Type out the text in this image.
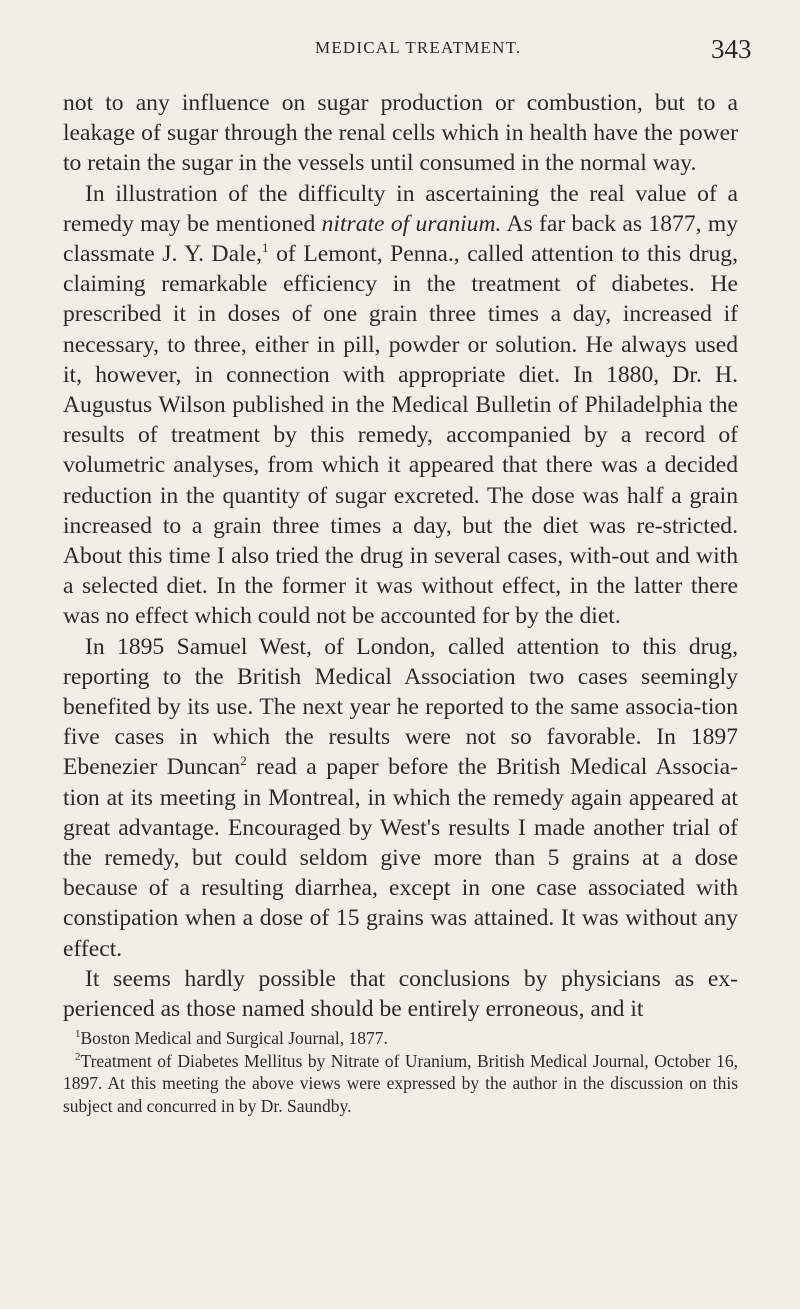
MEDICAL TREATMENT.	343

not to any influence on sugar production or combustion, but to a leakage of sugar through the renal cells which in health have the power to retain the sugar in the vessels until consumed in the normal way.

In illustration of the difficulty in ascertaining the real value of a remedy may be mentioned nitrate of uranium. As far back as 1877, my classmate J. Y. Dale,$^1$ of Lemont, Penna., called attention to this drug, claiming remarkable efficiency in the treatment of diabetes. He prescribed it in doses of one grain three times a day, increased if necessary, to three, either in pill, powder or solution. He always used it, however, in connection with appropriate diet. In 1880, Dr. H. Augustus Wilson published in the Medical Bulletin of Philadelphia the results of treatment by this remedy, accompanied by a record of volumetric analyses, from which it appeared that there was a decided reduction in the quantity of sugar excreted. The dose was half a grain increased to a grain three times a day, but the diet was re-stricted. About this time I also tried the drug in several cases, with-out and with a selected diet. In the former it was without effect, in the latter there was no effect which could not be accounted for by the diet.

In 1895 Samuel West, of London, called attention to this drug, reporting to the British Medical Association two cases seemingly benefited by its use. The next year he reported to the same associa-tion five cases in which the results were not so favorable. In 1897 Ebenezier Duncan$^2$ read a paper before the British Medical Associa-tion at its meeting in Montreal, in which the remedy again appeared at great advantage. Encouraged by West's results I made another trial of the remedy, but could seldom give more than 5 grains at a dose because of a resulting diarrhea, except in one case associated with constipation when a dose of 15 grains was attained. It was without any effect.

It seems hardly possible that conclusions by physicians as ex-perienced as those named should be entirely erroneous, and it

$^1$Boston Medical and Surgical Journal, 1877.

$^2$Treatment of Diabetes Mellitus by Nitrate of Uranium, British Medical Journal, October 16, 1897. At this meeting the above views were expressed by the author in the discussion on this subject and concurred in by Dr. Saundby.
